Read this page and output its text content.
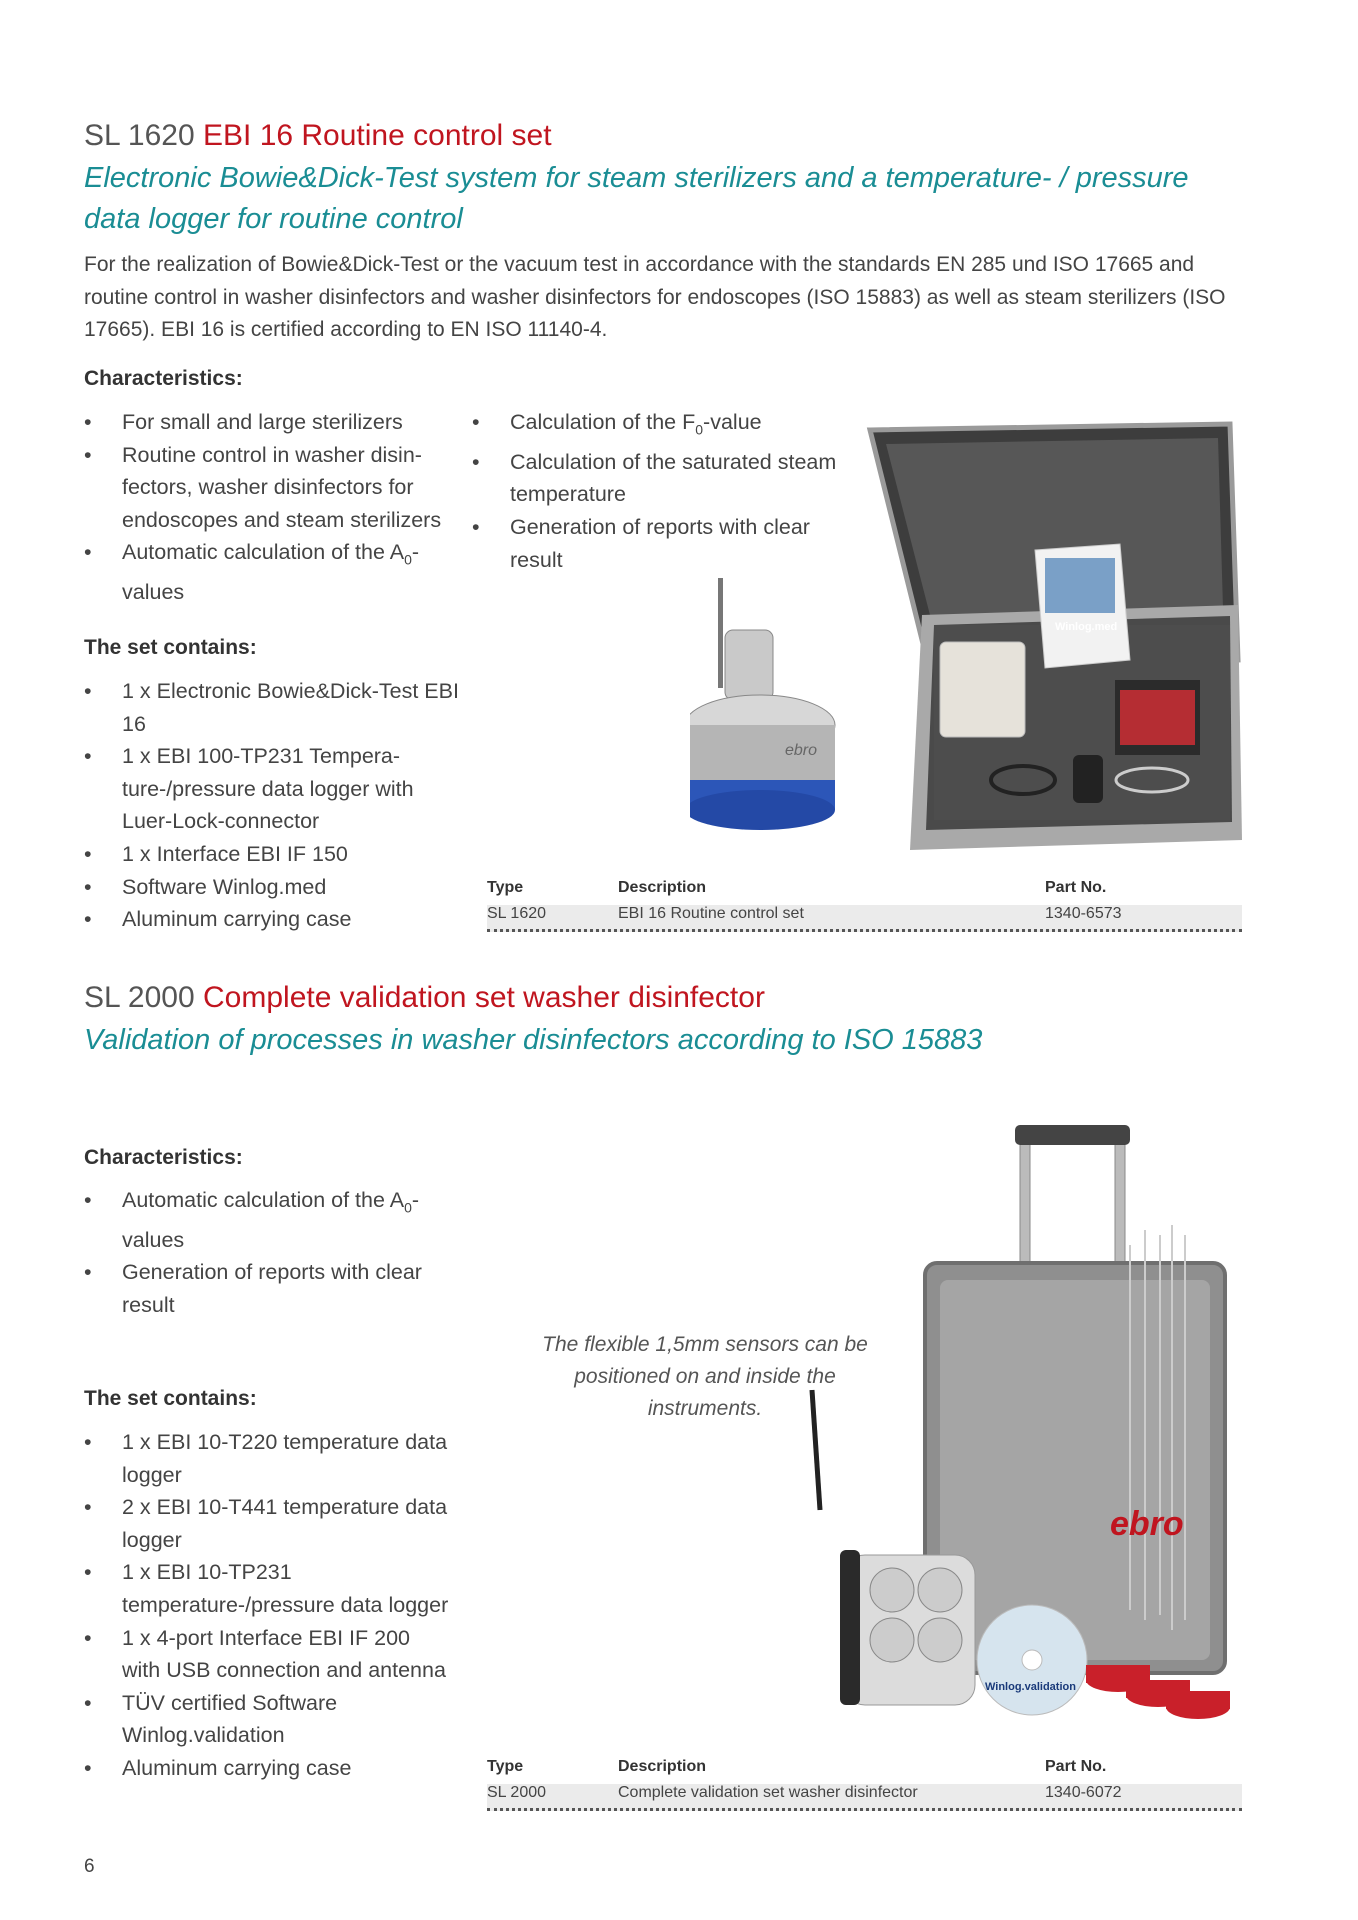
SL 1620 EBI 16 Routine control set
Electronic Bowie&Dick-Test system for steam sterilizers and a temperature- / pressure data logger for routine control
For the realization of Bowie&Dick-Test or the vacuum test in accordance with the standards EN 285 und ISO 17665 and routine control in washer disinfectors and washer disinfectors for endoscopes (ISO 15883) as well as steam sterilizers (ISO 17665). EBI 16 is certified according to EN ISO 11140-4.
Characteristics:
• For small and large sterilizers
• Routine control in washer disin-fectors, washer disinfectors for endoscopes and steam sterilizers
• Automatic calculation of the $A_0$-values
• Calculation of the $F_0$-value
• Calculation of the saturated steam temperature
• Generation of reports with clear result
The set contains:
• 1 x Electronic Bowie&Dick-Test EBI 16
• 1 x EBI 100-TP231 Tempera-ture-/pressure data logger with Luer-Lock-connector
• 1 x Interface EBI IF 150
• Software Winlog.med
• Aluminum carrying case
Winlog.med
ebro
Type	Description	Part No.
SL 1620	EBI 16 Routine control set	1340-6573
SL 2000 Complete validation set washer disinfector
Validation of processes in washer disinfectors according to ISO 15883
Characteristics:
• Automatic calculation of the $A_0$-values
• Generation of reports with clear result
The set contains:
• 1 x EBI 10-T220 temperature data logger
• 2 x EBI 10-T441 temperature data logger
• 1 x EBI 10-TP231 temperature-/pressure data logger
• 1 x 4-port Interface EBI IF 200 with USB connection and antenna
• TÜV certified Software Winlog.validation
• Aluminum carrying case
The flexible 1,5mm sensors can be positioned on and inside the instruments.
ebro
Winlog.validation
Type	Description	Part No.
SL 2000	Complete validation set washer disinfector	1340-6072
6
